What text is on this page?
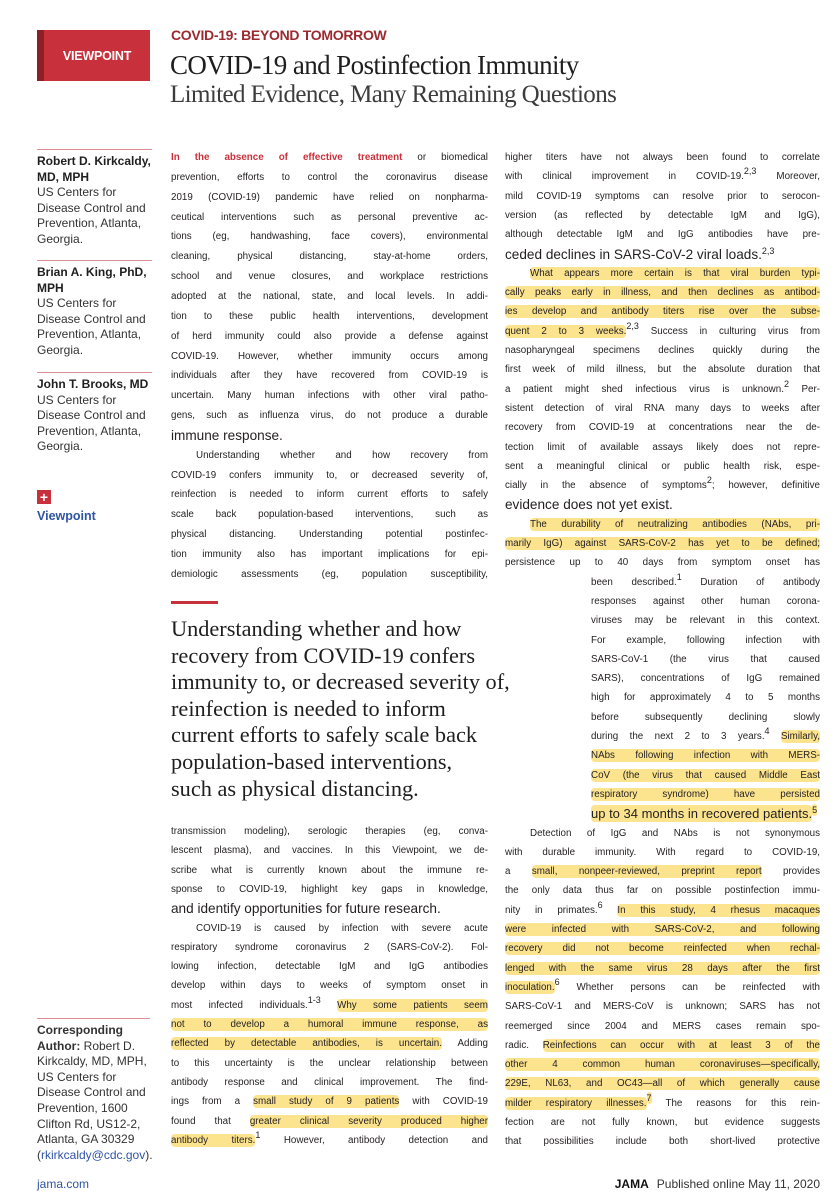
VIEWPOINT
COVID-19: BEYOND TOMORROW
COVID-19 and Postinfection Immunity
Limited Evidence, Many Remaining Questions
Robert D. Kirkcaldy, MD, MPH
US Centers for Disease Control and Prevention, Atlanta, Georgia.
Brian A. King, PhD, MPH
US Centers for Disease Control and Prevention, Atlanta, Georgia.
John T. Brooks, MD
US Centers for Disease Control and Prevention, Atlanta, Georgia.
+
Viewpoint
In the absence of effective treatment or biomedical
prevention, efforts to control the coronavirus disease
2019 (COVID-19) pandemic have relied on nonpharma-
ceutical interventions such as personal preventive ac-
tions (eg, handwashing, face covers), environmental
cleaning, physical distancing, stay-at-home orders,
school and venue closures, and workplace restrictions
adopted at the national, state, and local levels. In addi-
tion to these public health interventions, development
of herd immunity could also provide a defense against
COVID-19. However, whether immunity occurs among
individuals after they have recovered from COVID-19 is
uncertain. Many human infections with other viral patho-
gens, such as influenza virus, do not produce a durable
immune response.
Understanding whether and how recovery from
COVID-19 confers immunity to, or decreased severity of,
reinfection is needed to inform current efforts to safely
scale back population-based interventions, such as
physical distancing. Understanding potential postinfec-
tion immunity also has important implications for epi-
demiologic assessments (eg, population susceptibility,
Understanding whether and how
recovery from COVID-19 confers
immunity to, or decreased severity of,
reinfection is needed to inform
current efforts to safely scale back
population-based interventions,
such as physical distancing.
transmission modeling), serologic therapies (eg, conva-
lescent plasma), and vaccines. In this Viewpoint, we de-
scribe what is currently known about the immune re-
sponse to COVID-19, highlight key gaps in knowledge,
and identify opportunities for future research.
COVID-19 is caused by infection with severe acute
respiratory syndrome coronavirus 2 (SARS-CoV-2). Fol-
lowing infection, detectable IgM and IgG antibodies
develop within days to weeks of symptom onset in
most infected individuals.1-3 Why some patients seem
not to develop a humoral immune response, as
reflected by detectable antibodies, is uncertain. Adding
to this uncertainty is the unclear relationship between
antibody response and clinical improvement. The find-
ings from a small study of 9 patients with COVID-19
found that greater clinical severity produced higher
antibody titers.1 However, antibody detection and
higher titers have not always been found to correlate
with clinical improvement in COVID-19.2,3 Moreover,
mild COVID-19 symptoms can resolve prior to serocon-
version (as reflected by detectable IgM and IgG),
although detectable IgM and IgG antibodies have pre-
ceded declines in SARS-CoV-2 viral loads.$^{2,3}$
What appears more certain is that viral burden typi-
cally peaks early in illness, and then declines as antibod-
ies develop and antibody titers rise over the subse-
quent 2 to 3 weeks.2,3 Success in culturing virus from
nasopharyngeal specimens declines quickly during the
first week of mild illness, but the absolute duration that
a patient might shed infectious virus is unknown.2 Per-
sistent detection of viral RNA many days to weeks after
recovery from COVID-19 at concentrations near the de-
tection limit of available assays likely does not repre-
sent a meaningful clinical or public health risk, espe-
cially in the absence of symptoms2; however, definitive
evidence does not yet exist.
The durability of neutralizing antibodies (NAbs, pri-
marily IgG) against SARS-CoV-2 has yet to be defined;
persistence up to 40 days from symptom onset has
been described.1 Duration of antibody
responses against other human corona-
viruses may be relevant in this context.
For example, following infection with
SARS-CoV-1 (the virus that caused
SARS), concentrations of IgG remained
high for approximately 4 to 5 months
before subsequently declining slowly
during the next 2 to 3 years.4 Similarly,
NAbs following infection with MERS-
CoV (the virus that caused Middle East
respiratory syndrome) have persisted
up to 34 months in recovered patients.$^5$
Detection of IgG and NAbs is not synonymous
with durable immunity. With regard to COVID-19,
a small, nonpeer-reviewed, preprint report provides
the only data thus far on possible postinfection immu-
nity in primates.6 In this study, 4 rhesus macaques
were infected with SARS-CoV-2, and following
recovery did not become reinfected when rechal-
lenged with the same virus 28 days after the first
inoculation.6 Whether persons can be reinfected with
SARS-CoV-1 and MERS-CoV is unknown; SARS has not
reemerged since 2004 and MERS cases remain spo-
radic. Reinfections can occur with at least 3 of the
other 4 common human coronaviruses—specifically,
229E, NL63, and OC43—all of which generally cause
milder respiratory illnesses.7 The reasons for this rein-
fection are not fully known, but evidence suggests
that possibilities include both short-lived protective
Corresponding Author: Robert D. Kirkcaldy, MD, MPH, US Centers for Disease Control and Prevention, 1600 Clifton Rd, US12-2, Atlanta, GA 30329 (rkirkcaldy@cdc.gov).
jama.com	JAMA Published online May 11, 2020
